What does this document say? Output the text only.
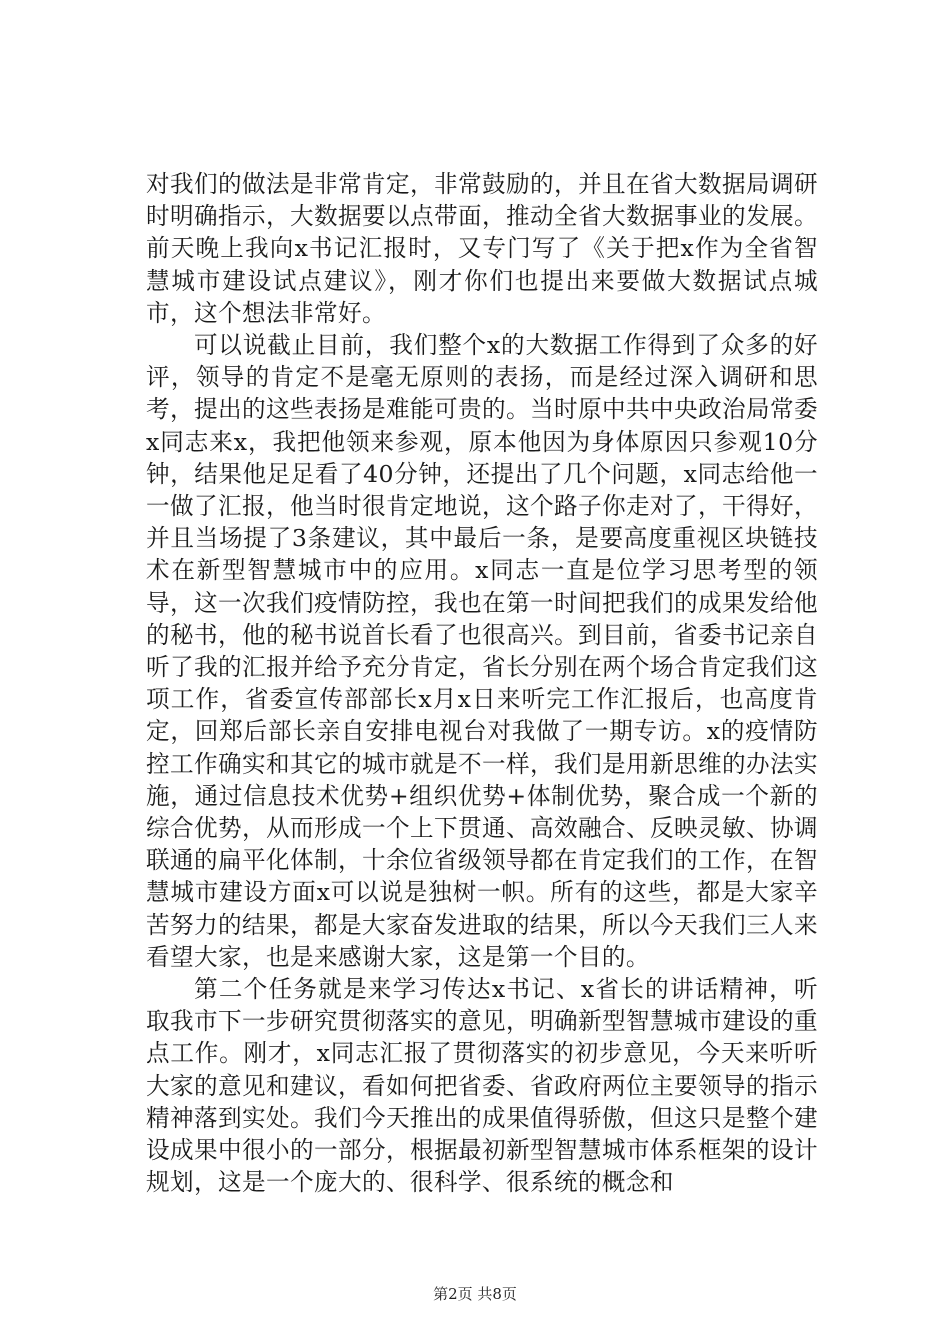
对我们的做法是非常肯定，非常鼓励的，并且在省大数据局调研时明确指示，大数据要以点带面，推动全省大数据事业的发展。前天晚上我向x书记汇报时，又专门写了《关于把x作为全省智慧城市建设试点建议》，刚才你们也提出来要做大数据试点城市，这个想法非常好。

可以说截止目前，我们整个x的大数据工作得到了众多的好评，领导的肯定不是毫无原则的表扬，而是经过深入调研和思考，提出的这些表扬是难能可贵的。当时原中共中央政治局常委x同志来x，我把他领来参观，原本他因为身体原因只参观10分钟，结果他足足看了40分钟，还提出了几个问题，x同志给他一一做了汇报，他当时很肯定地说，这个路子你走对了，干得好，并且当场提了3条建议，其中最后一条，是要高度重视区块链技术在新型智慧城市中的应用。x同志一直是位学习思考型的领导，这一次我们疫情防控，我也在第一时间把我们的成果发给他的秘书，他的秘书说首长看了也很高兴。到目前，省委书记亲自听了我的汇报并给予充分肯定，省长分别在两个场合肯定我们这项工作，省委宣传部部长x月x日来听完工作汇报后，也高度肯定，回郑后部长亲自安排电视台对我做了一期专访。x的疫情防控工作确实和其它的城市就是不一样，我们是用新思维的办法实施，通过信息技术优势+组织优势+体制优势，聚合成一个新的综合优势，从而形成一个上下贯通、高效融合、反映灵敏、协调联通的扁平化体制，十余位省级领导都在肯定我们的工作，在智慧城市建设方面x可以说是独树一帜。所有的这些，都是大家辛苦努力的结果，都是大家奋发进取的结果，所以今天我们三人来看望大家，也是来感谢大家，这是第一个目的。

第二个任务就是来学习传达x书记、x省长的讲话精神，听取我市下一步研究贯彻落实的意见，明确新型智慧城市建设的重点工作。刚才，x同志汇报了贯彻落实的初步意见，今天来听听大家的意见和建议，看如何把省委、省政府两位主要领导的指示精神落到实处。我们今天推出的成果值得骄傲，但这只是整个建设成果中很小的一部分，根据最初新型智慧城市体系框架的设计规划，这是一个庞大的、很科学、很系统的概念和

第2页 共8页
